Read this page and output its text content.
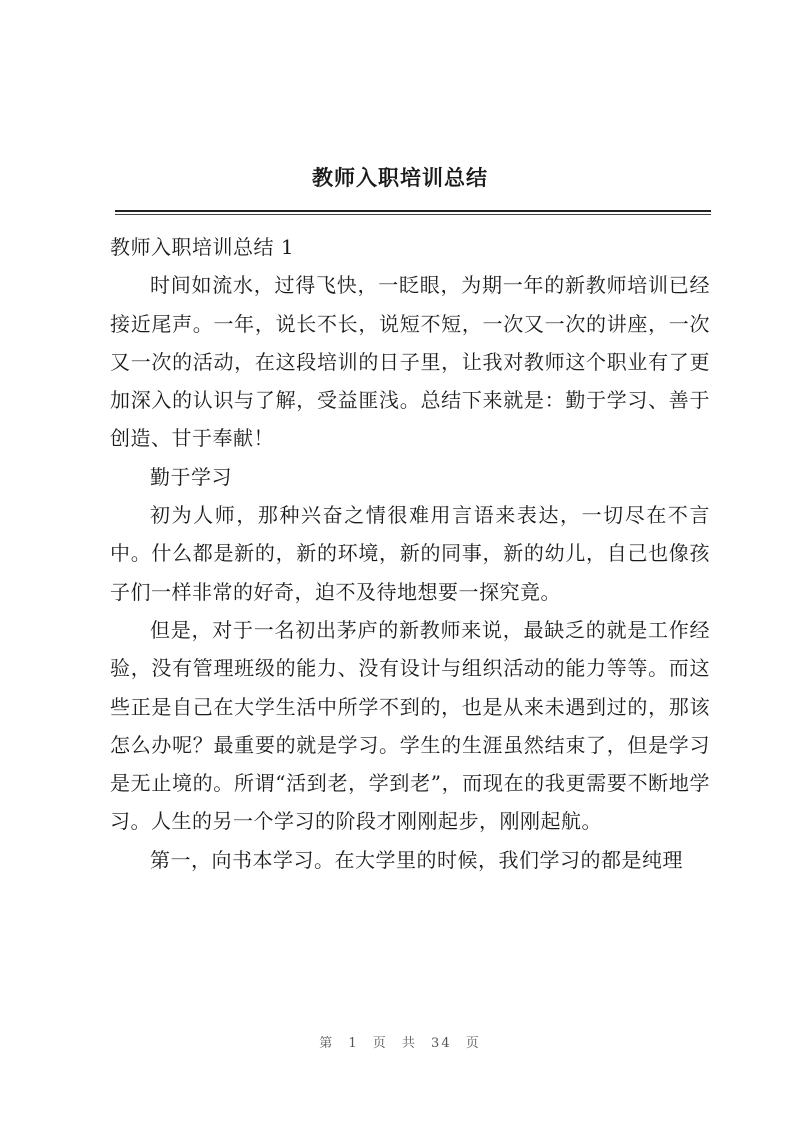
教师入职培训总结

教师入职培训总结 1

时间如流水，过得飞快，一眨眼，为期一年的新教师培训已经接近尾声。一年，说长不长，说短不短，一次又一次的讲座，一次又一次的活动，在这段培训的日子里，让我对教师这个职业有了更加深入的认识与了解，受益匪浅。总结下来就是：勤于学习、善于创造、甘于奉献！

勤于学习

初为人师，那种兴奋之情很难用言语来表达，一切尽在不言中。什么都是新的，新的环境，新的同事，新的幼儿，自己也像孩子们一样非常的好奇，迫不及待地想要一探究竟。

但是，对于一名初出茅庐的新教师来说，最缺乏的就是工作经验，没有管理班级的能力、没有设计与组织活动的能力等等。而这些正是自己在大学生活中所学不到的，也是从来未遇到过的，那该怎么办呢？最重要的就是学习。学生的生涯虽然结束了，但是学习是无止境的。所谓“活到老，学到老”，而现在的我更需要不断地学习。人生的另一个学习的阶段才刚刚起步，刚刚起航。

第一，向书本学习。在大学里的时候，我们学习的都是纯理

第 1 页 共 34 页
